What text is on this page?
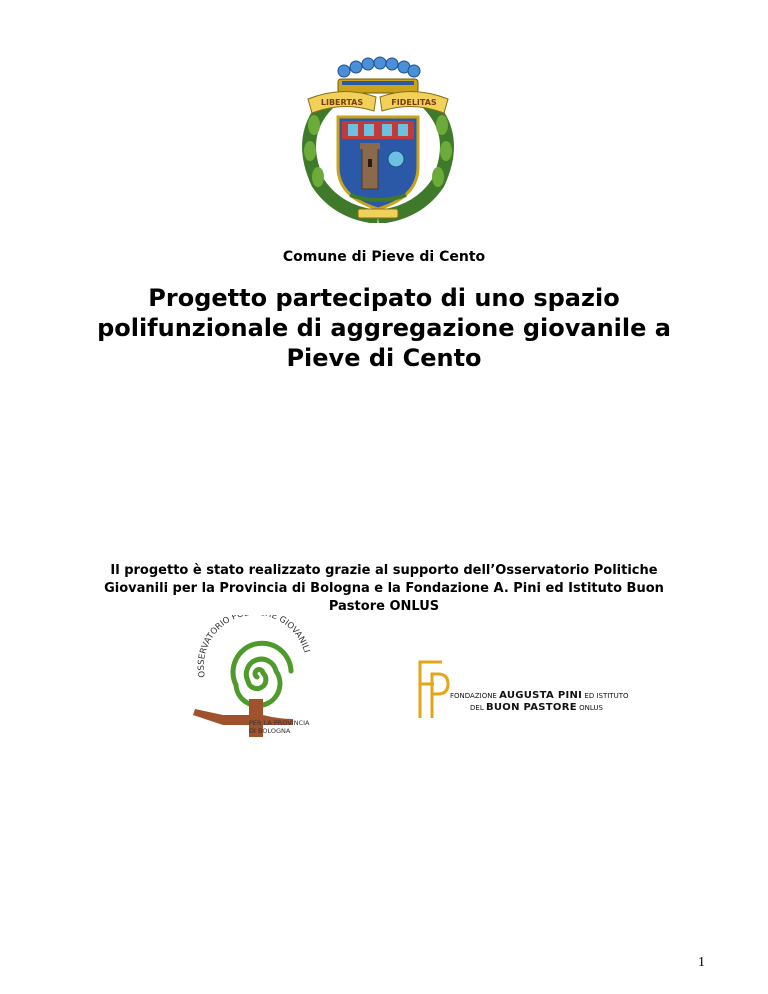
LIBERTAS	FIDELITAS
Comune di Pieve di Cento
Progetto partecipato di uno spazio
polifunzionale di aggregazione giovanile a
Pieve di Cento
Il progetto è stato realizzato grazie al supporto dell’Osservatorio Politiche
Giovanili per la Provincia di Bologna e la Fondazione A. Pini ed Istituto Buon
Pastore ONLUS
OSSERVATORIO P E GIOVANILI
PER LA PROVINCIA
DI BOLOGNA
FONDAZIONE AUGUSTA PINI ED ISTITUTO
DEL BUON PASTORE ONLUS
1
